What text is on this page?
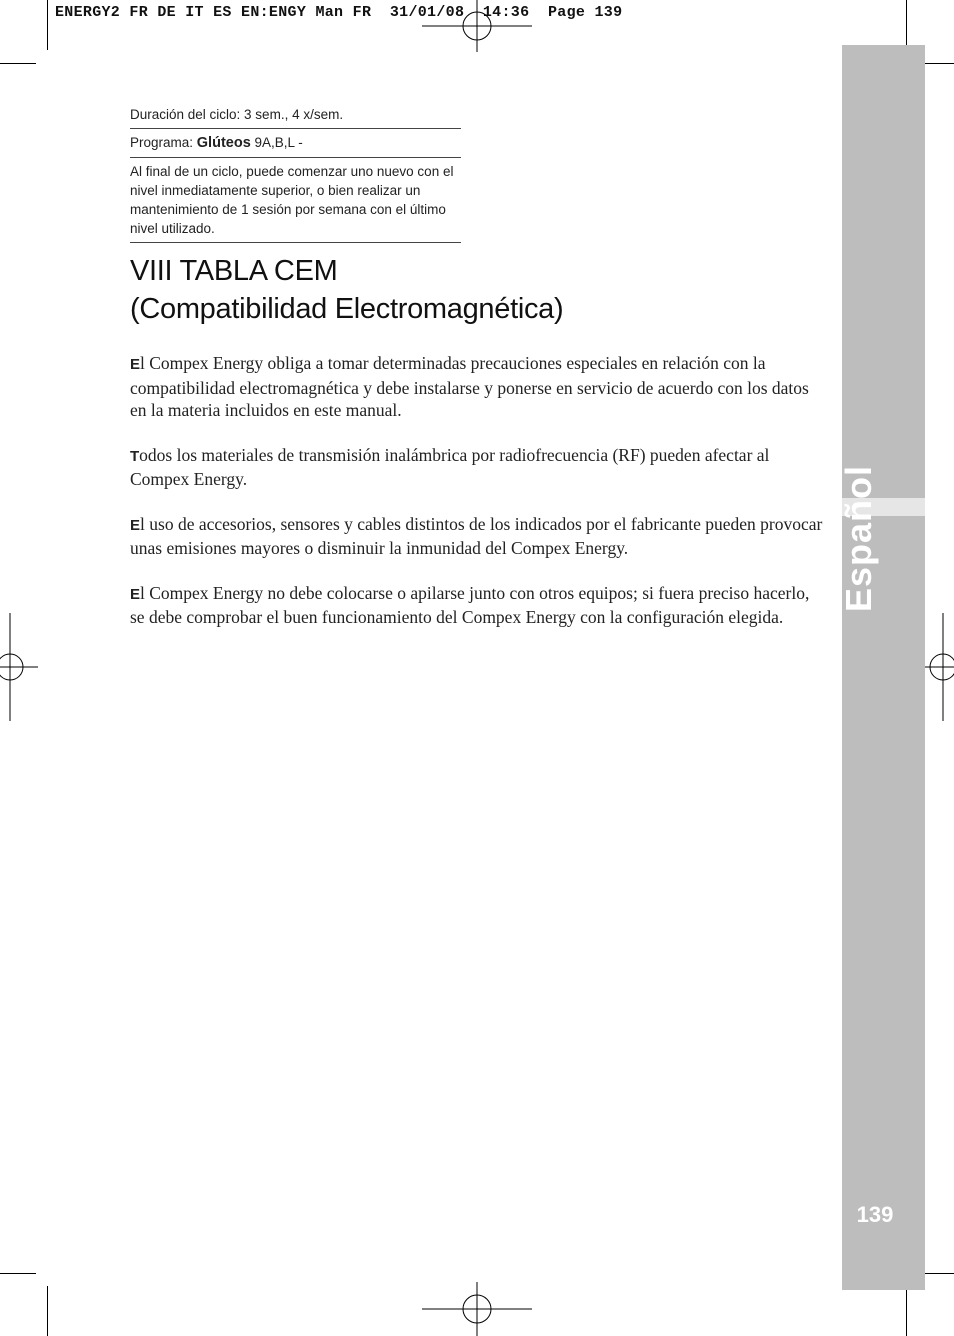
ENERGY2 FR DE IT ES EN:ENGY Man FR  31/01/08  14:36  Page 139
Español
139
Duración del ciclo: 3 sem., 4 x/sem.
Programa: Glúteos 9A,B,L -
Al final de un ciclo, puede comenzar uno nuevo con el nivel inmediatamente superior, o bien realizar un mantenimiento de 1 sesión por semana con el último nivel utilizado.
VIII TABLA CEM
(Compatibilidad Electromagnética)

El Compex Energy obliga a tomar determinadas precauciones especiales en relación con la compatibilidad electromagnética y debe instalarse y ponerse en servicio de acuerdo con los datos en la materia incluidos en este manual.

Todos los materiales de transmisión inalámbrica por radiofrecuencia (RF) pueden afectar al Compex Energy.

El uso de accesorios, sensores y cables distintos de los indicados por el fabricante pueden provocar unas emisiones mayores o disminuir la inmunidad del Compex Energy.

El Compex Energy no debe colocarse o apilarse junto con otros equipos; si fuera preciso hacerlo, se debe comprobar el buen funcionamiento del Compex Energy con la configuración elegida.
